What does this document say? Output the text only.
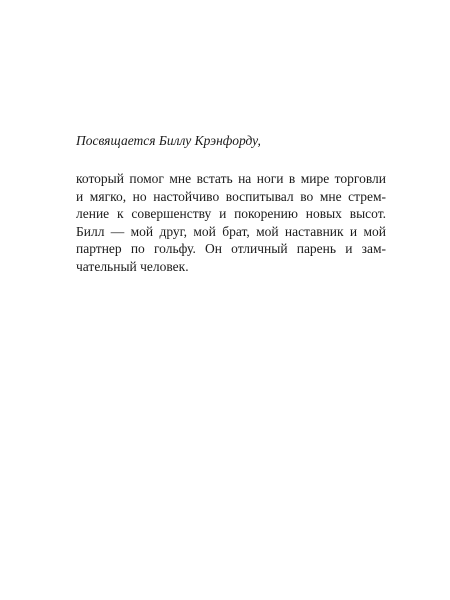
Посвящается Биллу Крэнфорду,

который помог мне встать на ноги в мире торговли
и мягко, но настойчиво воспитывал во мне стрем-
ление к совершенству и покорению новых высот.
Билл — мой друг, мой брат, мой наставник и мой
партнер по гольфу. Он отличный парень и зам-
чательный человек.
